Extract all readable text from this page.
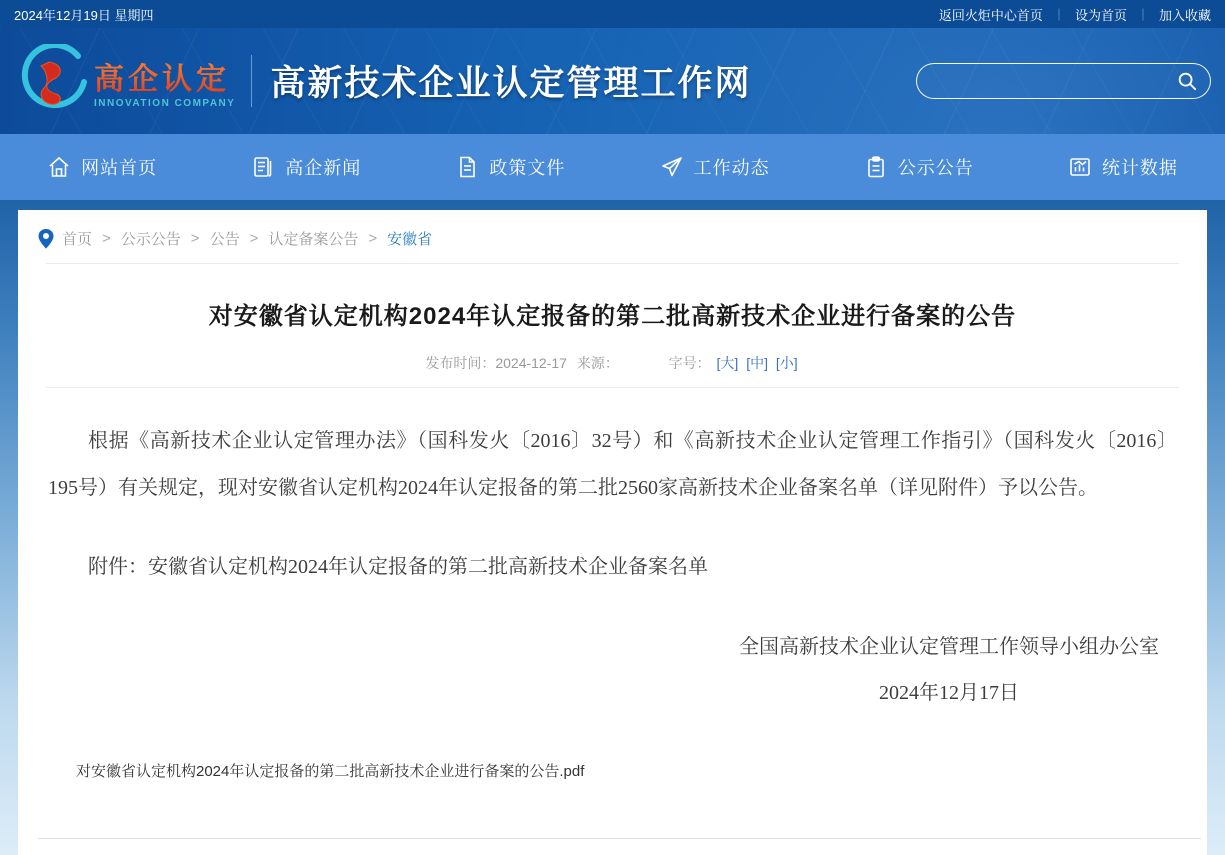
2024年12月19日 星期四	返回火炬中心首页 ｜ 设为首页 ｜ 加入收藏
高企认定
INNOVATION COMPANY 高新技术企业认定管理工作网
网站首页	高企新闻	政策文件	工作动态	公示公告	统计数据
首页 > 公示公告 > 公告 > 认定备案公告 > 安徽省
对安徽省认定机构2024年认定报备的第二批高新技术企业进行备案的公告
发布时间：2024-12-17 来源：	字号： [大] [中] [小]

根据《高新技术企业认定管理办法》（国科发火〔2016〕32号）和《高新技术企业认定管理工作指引》（国科发火〔2016〕195号）有关规定，现对安徽省认定机构2024年认定报备的第二批2560家高新技术企业备案名单（详见附件）予以公告。

附件：安徽省认定机构2024年认定报备的第二批高新技术企业备案名单

全国高新技术企业认定管理工作领导小组办公室
2024年12月17日
对安徽省认定机构2024年认定报备的第二批高新技术企业进行备案的公告.pdf
